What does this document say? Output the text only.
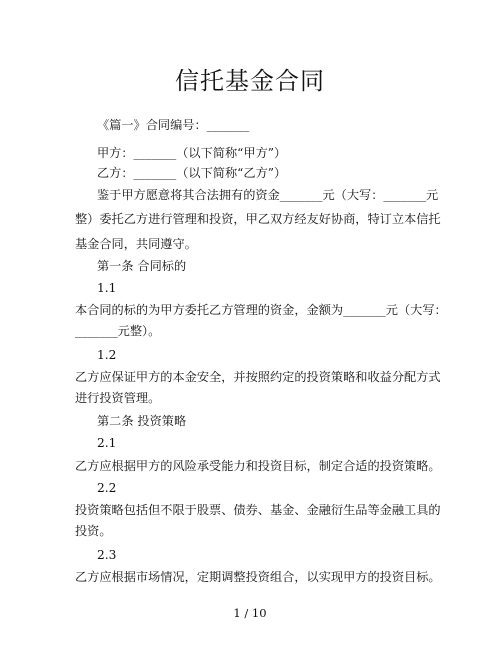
信托基金合同
《篇一》合同编号：_______
甲方：_______（以下简称“甲方”）
乙方：_______（以下简称“乙方”）
鉴于甲方愿意将其合法拥有的资金_______元（大写：_______元
整）委托乙方进行管理和投资，甲乙双方经友好协商，特订立本信托
基金合同，共同遵守。
第一条 合同标的
1.1
本合同的标的为甲方委托乙方管理的资金，金额为_______元（大写：
_______元整）。
1.2
乙方应保证甲方的本金安全，并按照约定的投资策略和收益分配方式
进行投资管理。
第二条 投资策略
2.1
乙方应根据甲方的风险承受能力和投资目标，制定合适的投资策略。
2.2
投资策略包括但不限于股票、债券、基金、金融衍生品等金融工具的
投资。
2.3
乙方应根据市场情况，定期调整投资组合，以实现甲方的投资目标。
1 / 10
